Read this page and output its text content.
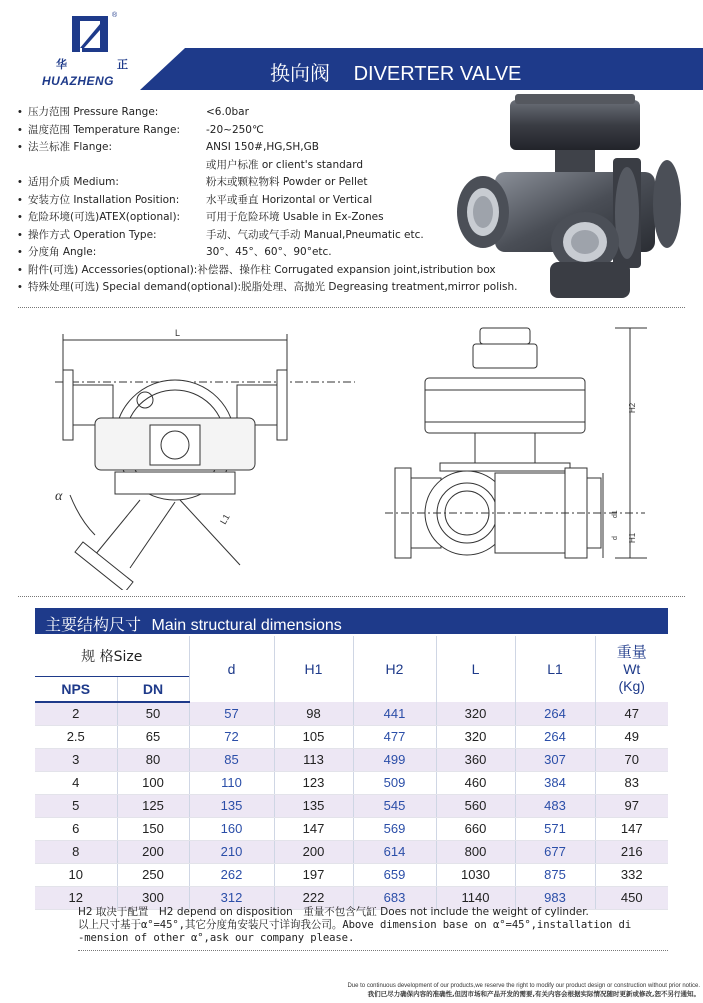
®
华	正
HUAZHENG	换向阀 DIVERTER VALVE
• 压力范围 Pressure Range:	<6.0bar
• 温度范围 Temperature Range:	-20~250℃
• 法兰标准 Flange:	ANSI 150#,HG,SH,GB
或用户标准 or client's standard
• 适用介质 Medium:	粉末或颗粒物料 Powder or Pellet
• 安装方位 Installation Position:	水平或垂直 Horizontal or Vertical
• 危险环境(可选)ATEX(optional):	可用于危险环境 Usable in Ex-Zones
• 操作方式 Operation Type:	手动、气动或气手动 Manual,Pneumatic etc.
• 分度角 Angle:	30°、45°、60°、90°etc.
• 附件(可选) Accessories(optional): 补偿器、操作柱 Corrugated expansion joint,istribution box
• 特殊处理(可选) Special demand(optional): 脱脂处理、高抛光 Degreasing treatment,mirror polish.
L
α
L1
H2
H1
d1
d
主要结构尺寸 Main structural dimensions
规 格Size		d	H1	H2	L	L1	重量
Wt
(Kg)

NPS	DN						
2	50	57	98	441	320	264	47
2.5	65	72	105	477	320	264	49
3	80	85	113	499	360	307	70
4	100	110	123	509	460	384	83
5	125	135	135	545	560	483	97
6	150	160	147	569	660	571	147
8	200	210	200	614	800	677	216
10	250	262	197	659	1030	875	332
12	300	312	222	683	1140	983	450
H2 取决于配置　H2 depend on disposition　重量不包含气缸 Does not include the weight of cylinder.
以上尺寸基于α°=45°,其它分度角安装尺寸详询我公司。Above dimension base on α°=45°,installation di
-mension of other α°,ask our company please.
Due to continuous development of our products,we reserve the right to modify our product design or construction without prior notice.
我们已尽力确保内容的准确性,但因市场和产品开发的需要,有关内容会根据实际情况随时更新或修改,恕不另行通知。
